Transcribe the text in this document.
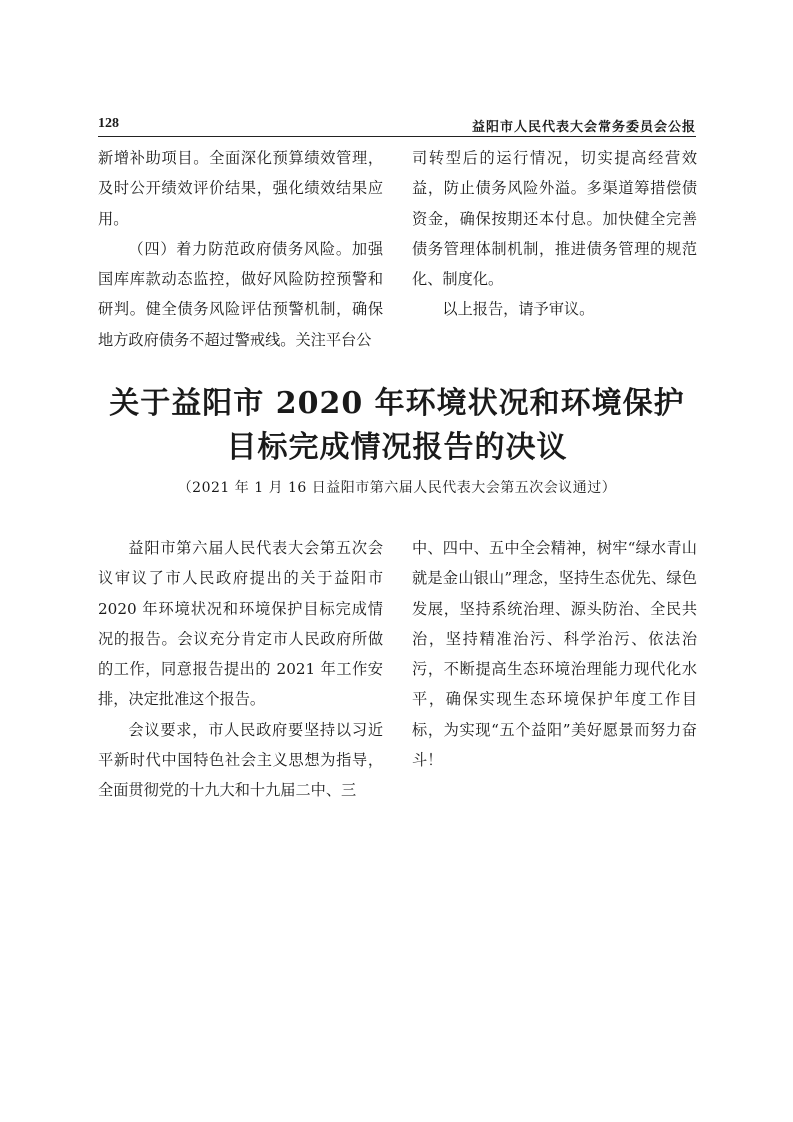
128	益阳市人民代表大会常务委员会公报

新增补助项目。全面深化预算绩效管理，及时公开绩效评价结果，强化绩效结果应用。

（四）着力防范政府债务风险。加强国库库款动态监控，做好风险防控预警和研判。健全债务风险评估预警机制，确保地方政府债务不超过警戒线。关注平台公

司转型后的运行情况，切实提高经营效益，防止债务风险外溢。多渠道筹措偿债资金，确保按期还本付息。加快健全完善债务管理体制机制，推进债务管理的规范化、制度化。

以上报告，请予审议。

关于益阳市 2020 年环境状况和环境保护
目标完成情况报告的决议
（2021 年 1 月 16 日益阳市第六届人民代表大会第五次会议通过）

益阳市第六届人民代表大会第五次会议审议了市人民政府提出的关于益阳市 2020 年环境状况和环境保护目标完成情况的报告。会议充分肯定市人民政府所做的工作，同意报告提出的 2021 年工作安排，决定批准这个报告。

会议要求，市人民政府要坚持以习近平新时代中国特色社会主义思想为指导，全面贯彻党的十九大和十九届二中、三

中、四中、五中全会精神，树牢“绿水青山就是金山银山”理念，坚持生态优先、绿色发展，坚持系统治理、源头防治、全民共治，坚持精准治污、科学治污、依法治污，不断提高生态环境治理能力现代化水平，确保实现生态环境保护年度工作目标，为实现“五个益阳”美好愿景而努力奋斗！
